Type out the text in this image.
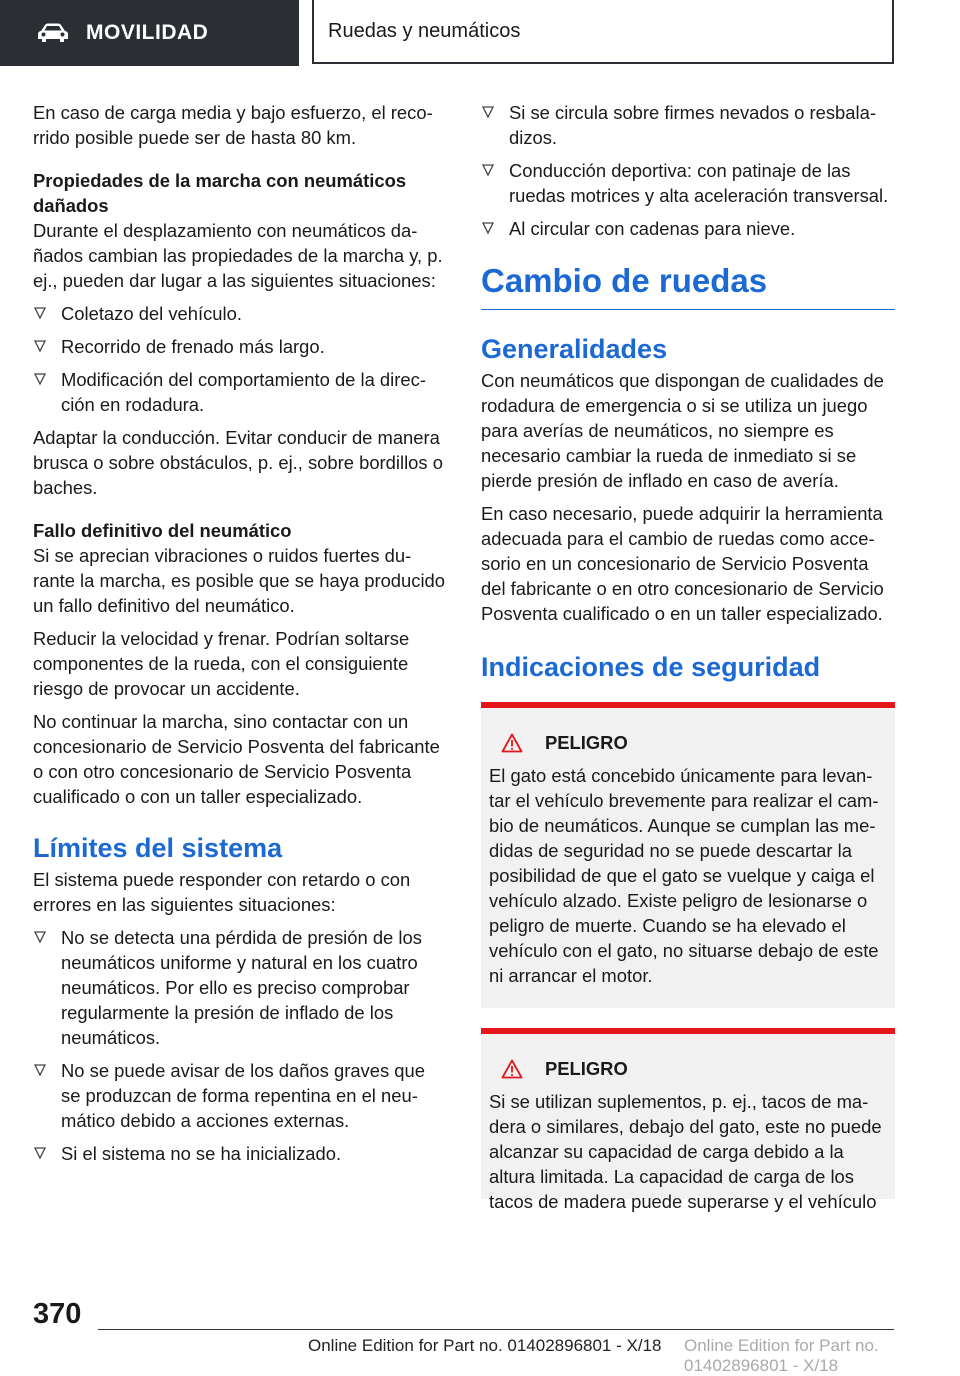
MOVILIDAD	Ruedas y neumáticos

En caso de carga media y bajo esfuerzo, el recorrido posible puede ser de hasta 80 km.

Propiedades de la marcha con neumáticos dañados

Durante el desplazamiento con neumáticos dañados cambian las propiedades de la marcha y, p. ej., pueden dar lugar a las siguientes situaciones:

Coletazo del vehículo.
Recorrido de frenado más largo.
Modificación del comportamiento de la dirección en rodadura.

Adaptar la conducción. Evitar conducir de manera brusca o sobre obstáculos, p. ej., sobre bordillos o baches.

Fallo definitivo del neumático

Si se aprecian vibraciones o ruidos fuertes durante la marcha, es posible que se haya producido un fallo definitivo del neumático.

Reducir la velocidad y frenar. Podrían soltarse componentes de la rueda, con el consiguiente riesgo de provocar un accidente.

No continuar la marcha, sino contactar con un concesionario de Servicio Posventa del fabricante o con otro concesionario de Servicio Posventa cualificado o con un taller especializado.

Límites del sistema

El sistema puede responder con retardo o con errores en las siguientes situaciones:

No se detecta una pérdida de presión de los neumáticos uniforme y natural en los cuatro neumáticos. Por ello es preciso comprobar regularmente la presión de inflado de los neumáticos.
No se puede avisar de los daños graves que se produzcan de forma repentina en el neumático debido a acciones externas.
Si el sistema no se ha inicializado.
Si se circula sobre firmes nevados o resbaladizos.
Conducción deportiva: con patinaje de las ruedas motrices y alta aceleración transversal.
Al circular con cadenas para nieve.
Cambio de ruedas
Generalidades

Con neumáticos que dispongan de cualidades de rodadura de emergencia o si se utiliza un juego para averías de neumáticos, no siempre es necesario cambiar la rueda de inmediato si se pierde presión de inflado en caso de avería.

En caso necesario, puede adquirir la herramienta adecuada para el cambio de ruedas como accesorio en un concesionario de Servicio Posventa del fabricante o en otro concesionario de Servicio Posventa cualificado o en un taller especializado.

Indicaciones de seguridad
PELIGRO

El gato está concebido únicamente para levantar el vehículo brevemente para realizar el cambio de neumáticos. Aunque se cumplan las medidas de seguridad no se puede descartar la posibilidad de que el gato se vuelque y caiga el vehículo alzado. Existe peligro de lesionarse o peligro de muerte. Cuando se ha elevado el vehículo con el gato, no situarse debajo de este ni arrancar el motor.

PELIGRO

Si se utilizan suplementos, p. ej., tacos de madera o similares, debajo del gato, este no puede alcanzar su capacidad de carga debido a la altura limitada. La capacidad de carga de los tacos de madera puede superarse y el vehículo

370
Online Edition for Part no. 01402896801 - X/18 Online Edition for Part no. 01402896801 - X/18
